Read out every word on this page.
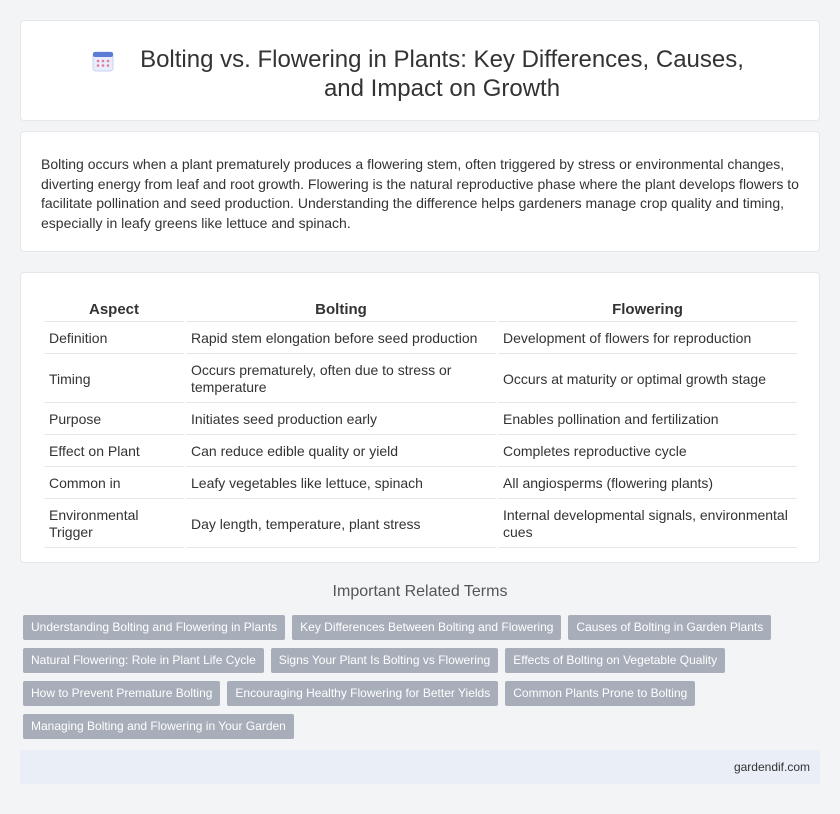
Bolting vs. Flowering in Plants: Key Differences, Causes, and Impact on Growth

Bolting occurs when a plant prematurely produces a flowering stem, often triggered by stress or environmental changes, diverting energy from leaf and root growth. Flowering is the natural reproductive phase where the plant develops flowers to facilitate pollination and seed production. Understanding the difference helps gardeners manage crop quality and timing, especially in leafy greens like lettuce and spinach.

Aspect	Bolting	Flowering
Definition	Rapid stem elongation before seed production	Development of flowers for reproduction
Timing	Occurs prematurely, often due to stress or temperature	Occurs at maturity or optimal growth stage
Purpose	Initiates seed production early	Enables pollination and fertilization
Effect on Plant	Can reduce edible quality or yield	Completes reproductive cycle
Common in	Leafy vegetables like lettuce, spinach	All angiosperms (flowering plants)
Environmental Trigger	Day length, temperature, plant stress	Internal developmental signals, environmental cues
Important Related Terms
Understanding Bolting and Flowering in Plants	Key Differences Between Bolting and Flowering	Causes of Bolting in Garden Plants
Natural Flowering: Role in Plant Life Cycle	Signs Your Plant Is Bolting vs Flowering	Effects of Bolting on Vegetable Quality
How to Prevent Premature Bolting	Encouraging Healthy Flowering for Better Yields	Common Plants Prone to Bolting
Managing Bolting and Flowering in Your Garden
gardendif.com
